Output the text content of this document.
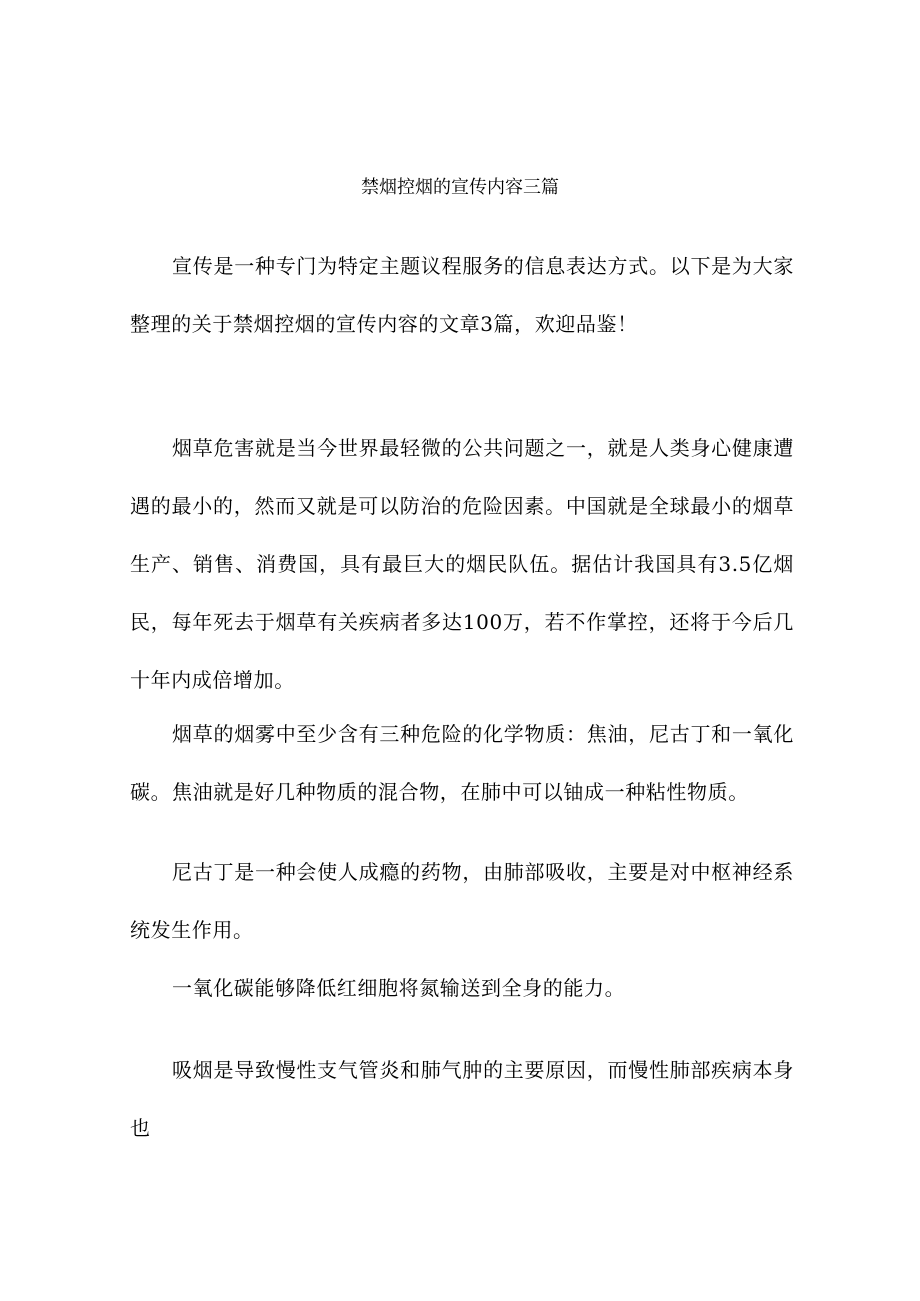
禁烟控烟的宣传内容三篇

宣传是一种专门为特定主题议程服务的信息表达方式。以下是为大家整理的关于禁烟控烟的宣传内容的文章3篇，欢迎品鉴！

烟草危害就是当今世界最轻微的公共问题之一，就是人类身心健康遭遇的最小的，然而又就是可以防治的危险因素。中国就是全球最小的烟草生产、销售、消费国，具有最巨大的烟民队伍。据估计我国具有3.5亿烟民，每年死去于烟草有关疾病者多达100万，若不作掌控，还将于今后几十年内成倍增加。

烟草的烟雾中至少含有三种危险的化学物质：焦油，尼古丁和一氧化碳。 焦油就是好几种物质的混合物，在肺中可以铀成一种粘性物质。

尼古丁是一种会使人成瘾的药物，由肺部吸收，主要是对中枢神经系统发生作用。

一氧化碳能够降低红细胞将氮输送到全身的能力。

吸烟是导致慢性支气管炎和肺气肿的主要原因，而慢性肺部疾病本身也
